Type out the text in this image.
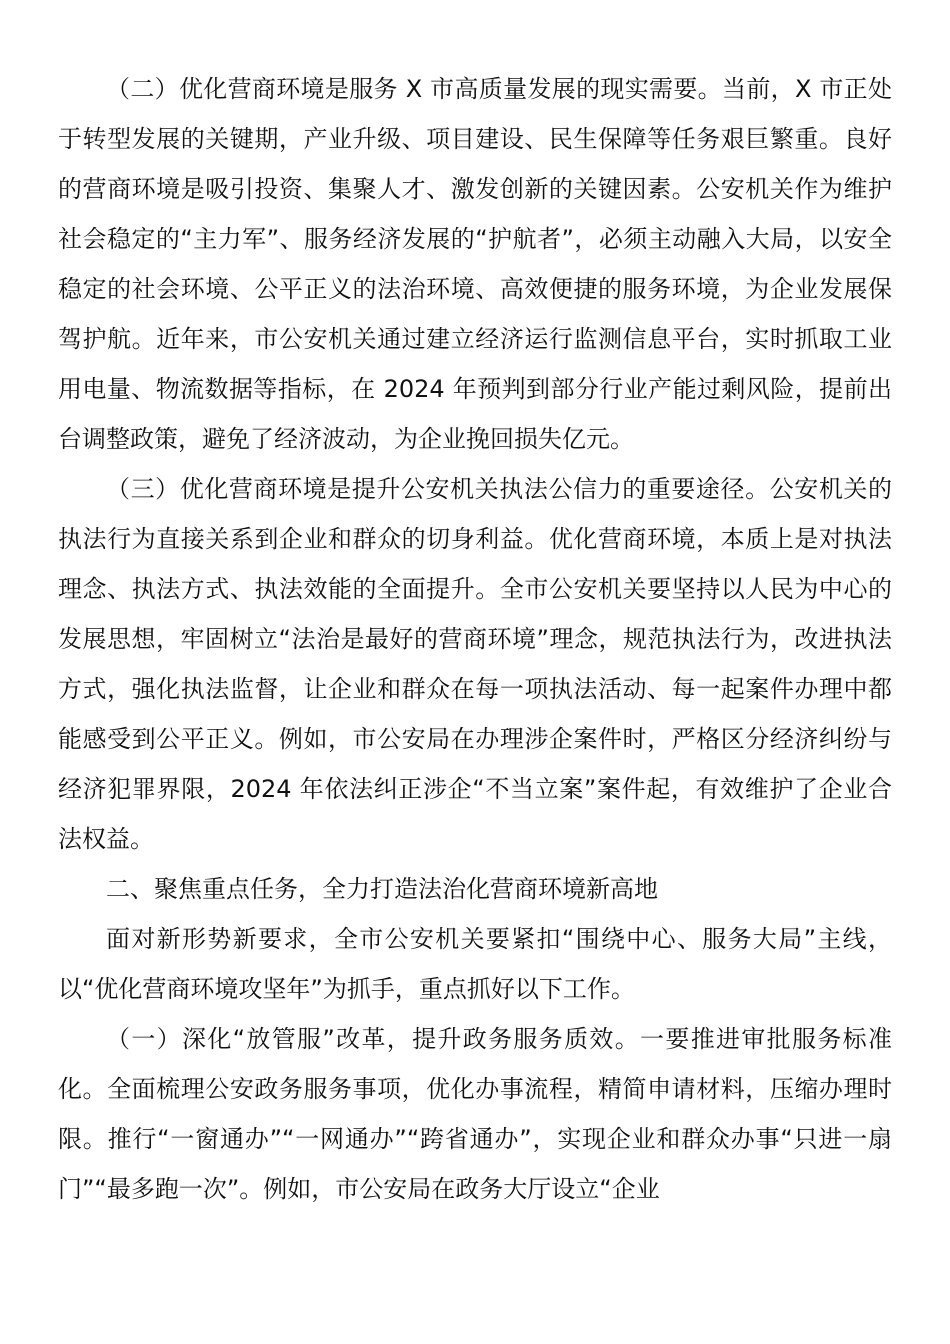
（二）优化营商环境是服务 X 市高质量发展的现实需要。当前，X 市正处于转型发展的关键期，产业升级、项目建设、民生保障等任务艰巨繁重。良好的营商环境是吸引投资、集聚人才、激发创新的关键因素。公安机关作为维护社会稳定的“主力军”、服务经济发展的“护航者”，必须主动融入大局，以安全稳定的社会环境、公平正义的法治环境、高效便捷的服务环境，为企业发展保驾护航。近年来，市公安机关通过建立经济运行监测信息平台，实时抓取工业用电量、物流数据等指标，在 2024 年预判到部分行业产能过剩风险，提前出台调整政策，避免了经济波动，为企业挽回损失亿元。

（三）优化营商环境是提升公安机关执法公信力的重要途径。公安机关的执法行为直接关系到企业和群众的切身利益。优化营商环境，本质上是对执法理念、执法方式、执法效能的全面提升。全市公安机关要坚持以人民为中心的发展思想，牢固树立“法治是最好的营商环境”理念，规范执法行为，改进执法方式，强化执法监督，让企业和群众在每一项执法活动、每一起案件办理中都能感受到公平正义。例如，市公安局在办理涉企案件时，严格区分经济纠纷与经济犯罪界限，2024 年依法纠正涉企“不当立案”案件起，有效维护了企业合法权益。

二、聚焦重点任务，全力打造法治化营商环境新高地

面对新形势新要求，全市公安机关要紧扣“围绕中心、服务大局”主线，以“优化营商环境攻坚年”为抓手，重点抓好以下工作。

（一）深化“放管服”改革，提升政务服务质效。一要推进审批服务标准化。全面梳理公安政务服务事项，优化办事流程，精简申请材料，压缩办理时限。推行“一窗通办”“一网通办”“跨省通办”，实现企业和群众办事“只进一扇门”“最多跑一次”。例如，市公安局在政务大厅设立“企业
